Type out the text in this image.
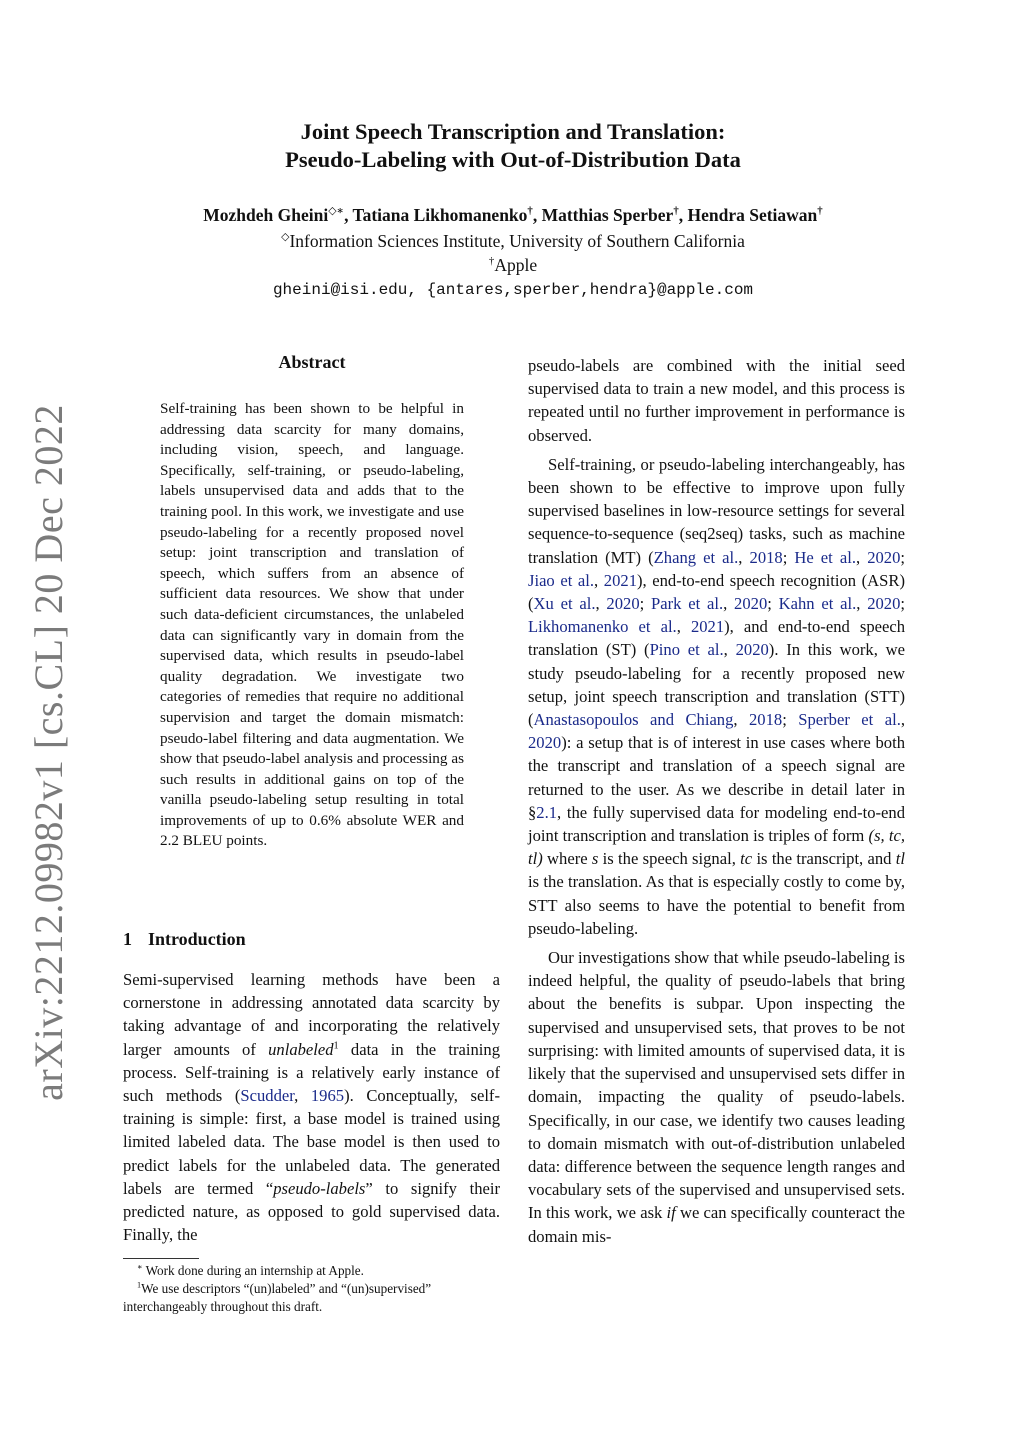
arXiv:2212.09982v1 [cs.CL] 20 Dec 2022
Joint Speech Transcription and Translation:
Pseudo-Labeling with Out-of-Distribution Data
Mozhdeh Gheini◇∗, Tatiana Likhomanenko†, Matthias Sperber†, Hendra Setiawan†
◇Information Sciences Institute, University of Southern California
†Apple
gheini@isi.edu, {antares,sperber,hendra}@apple.com
Abstract
Self-training has been shown to be helpful in addressing data scarcity for many domains, including vision, speech, and language. Specifically, self-training, or pseudo-labeling, labels unsupervised data and adds that to the training pool. In this work, we investigate and use pseudo-labeling for a recently proposed novel setup: joint transcription and translation of speech, which suffers from an absence of sufficient data resources. We show that under such data-deficient circumstances, the unlabeled data can significantly vary in domain from the supervised data, which results in pseudo-label quality degradation. We investigate two categories of remedies that require no additional supervision and target the domain mismatch: pseudo-label filtering and data augmentation. We show that pseudo-label analysis and processing as such results in additional gains on top of the vanilla pseudo-labeling setup resulting in total improvements of up to 0.6% absolute WER and 2.2 BLEU points.
1 Introduction

Semi-supervised learning methods have been a cornerstone in addressing annotated data scarcity by taking advantage of and incorporating the relatively larger amounts of unlabeled$^1$ data in the training process. Self-training is a relatively early instance of such methods (Scudder, 1965). Conceptually, self-training is simple: first, a base model is trained using limited labeled data. The base model is then used to predict labels for the unlabeled data. The generated labels are termed “pseudo-labels” to signify their predicted nature, as opposed to gold supervised data. Finally, the

∗ Work done during an internship at Apple.

$^1$We use descriptors “(un)labeled” and “(un)supervised” interchangeably throughout this draft.

pseudo-labels are combined with the initial seed supervised data to train a new model, and this process is repeated until no further improvement in performance is observed.

Self-training, or pseudo-labeling interchangeably, has been shown to be effective to improve upon fully supervised baselines in low-resource settings for several sequence-to-sequence (seq2seq) tasks, such as machine translation (MT) (Zhang et al., 2018; He et al., 2020; Jiao et al., 2021), end-to-end speech recognition (ASR) (Xu et al., 2020; Park et al., 2020; Kahn et al., 2020; Likhomanenko et al., 2021), and end-to-end speech translation (ST) (Pino et al., 2020). In this work, we study pseudo-labeling for a recently proposed new setup, joint speech transcription and translation (STT) (Anastasopoulos and Chiang, 2018; Sperber et al., 2020): a setup that is of interest in use cases where both the transcript and translation of a speech signal are returned to the user. As we describe in detail later in §2.1, the fully supervised data for modeling end-to-end joint transcription and translation is triples of form (s, tc, tl) where s is the speech signal, tc is the transcript, and tl is the translation. As that is especially costly to come by, STT also seems to have the potential to benefit from pseudo-labeling.

Our investigations show that while pseudo-labeling is indeed helpful, the quality of pseudo-labels that bring about the benefits is subpar. Upon inspecting the supervised and unsupervised sets, that proves to be not surprising: with limited amounts of supervised data, it is likely that the supervised and unsupervised sets differ in domain, impacting the quality of pseudo-labels. Specifically, in our case, we identify two causes leading to domain mismatch with out-of-distribution unlabeled data: difference between the sequence length ranges and vocabulary sets of the supervised and unsupervised sets. In this work, we ask if we can specifically counteract the domain mis-
